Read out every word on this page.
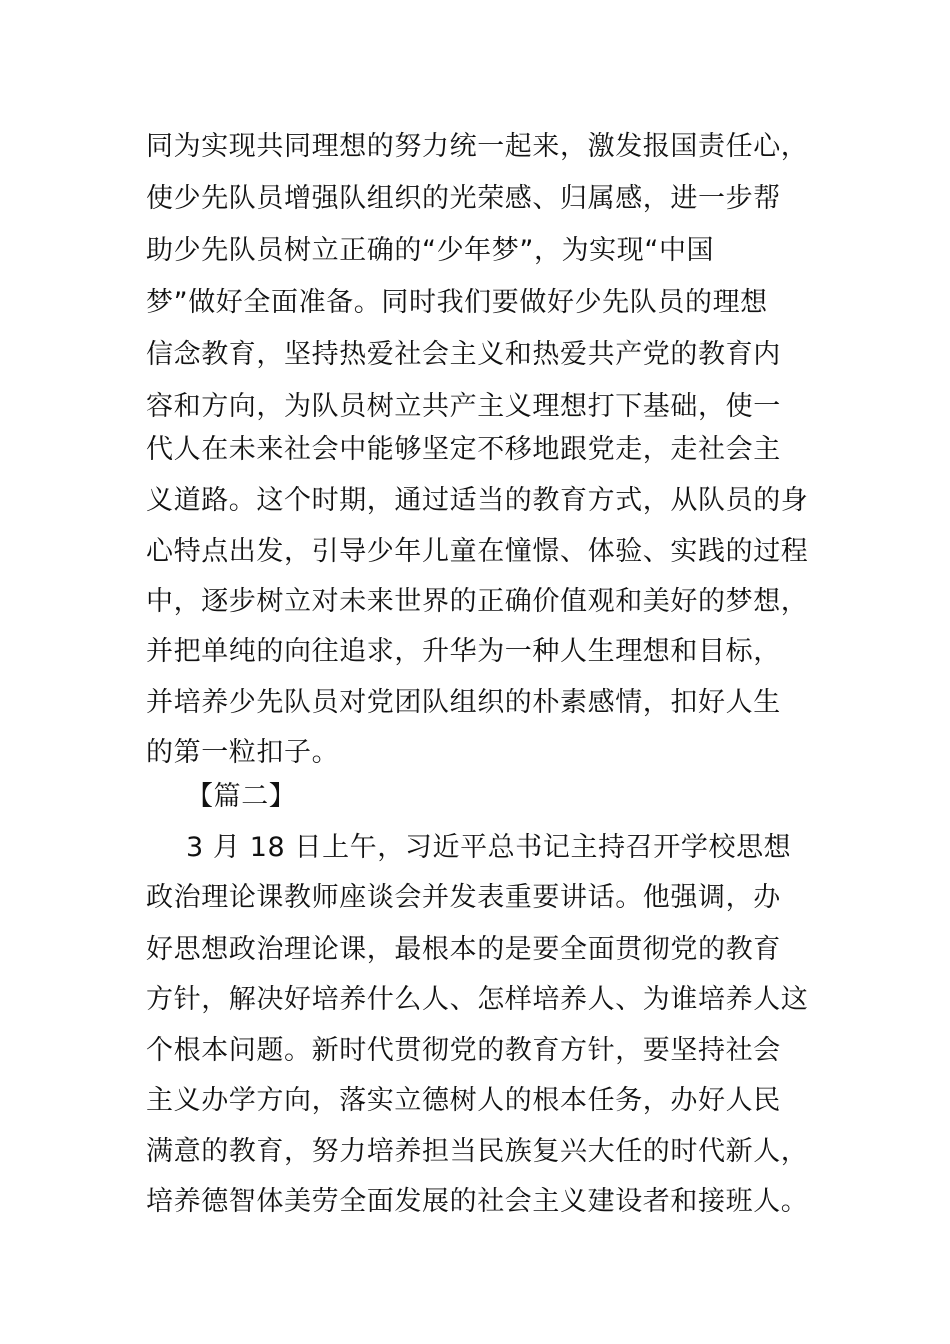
同为实现共同理想的努力统一起来，激发报国责任心，
使少先队员增强队组织的光荣感、归属感，进一步帮
助少先队员树立正确的“少年梦”，为实现“中国
梦”做好全面准备。同时我们要做好少先队员的理想
信念教育，坚持热爱社会主义和热爱共产党的教育内
容和方向，为队员树立共产主义理想打下基础，使一
代人在未来社会中能够坚定不移地跟党走，走社会主
义道路。这个时期，通过适当的教育方式，从队员的身
心特点出发，引导少年儿童在憧憬、体验、实践的过程
中，逐步树立对未来世界的正确价值观和美好的梦想，
并把单纯的向往追求，升华为一种人生理想和目标，
并培养少先队员对党团队组织的朴素感情，扣好人生
的第一粒扣子。
【篇二】
3 月 18 日上午，习近平总书记主持召开学校思想
政治理论课教师座谈会并发表重要讲话。他强调，办
好思想政治理论课，最根本的是要全面贯彻党的教育
方针，解决好培养什么人、怎样培养人、为谁培养人这
个根本问题。新时代贯彻党的教育方针，要坚持社会
主义办学方向，落实立德树人的根本任务，办好人民
满意的教育，努力培养担当民族复兴大任的时代新人，
培养德智体美劳全面发展的社会主义建设者和接班人。
